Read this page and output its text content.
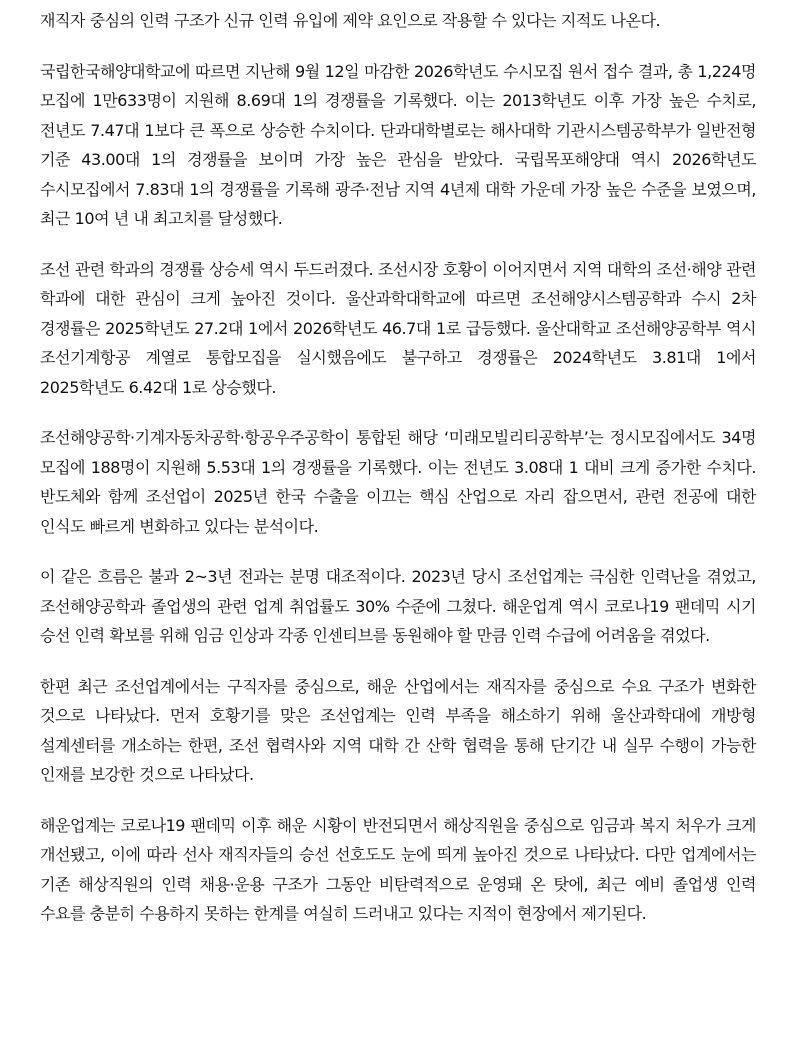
재직자 중심의 인력 구조가 신규 인력 유입에 제약 요인으로 작용할 수 있다는 지적도 나온다.

국립한국해양대학교에 따르면 지난해 9월 12일 마감한 2026학년도 수시모집 원서 접수 결과, 총 1,224명 모집에 1만633명이 지원해 8.69대 1의 경쟁률을 기록했다. 이는 2013학년도 이후 가장 높은 수치로, 전년도 7.47대 1보다 큰 폭으로 상승한 수치이다. 단과대학별로는 해사대학 기관시스템공학부가 일반전형 기준 43.00대 1의 경쟁률을 보이며 가장 높은 관심을 받았다. 국립목포해양대 역시 2026학년도 수시모집에서 7.83대 1의 경쟁률을 기록해 광주·전남 지역 4년제 대학 가운데 가장 높은 수준을 보였으며, 최근 10여 년 내 최고치를 달성했다.

조선 관련 학과의 경쟁률 상승세 역시 두드러졌다. 조선시장 호황이 이어지면서 지역 대학의 조선·해양 관련 학과에 대한 관심이 크게 높아진 것이다. 울산과학대학교에 따르면 조선해양시스템공학과 수시 2차 경쟁률은 2025학년도 27.2대 1에서 2026학년도 46.7대 1로 급등했다. 울산대학교 조선해양공학부 역시 조선기계항공 계열로 통합모집을 실시했음에도 불구하고 경쟁률은 2024학년도 3.81대 1에서 2025학년도 6.42대 1로 상승했다.

조선해양공학·기계자동차공학·항공우주공학이 통합된 해당 ‘미래모빌리티공학부’는 정시모집에서도 34명 모집에 188명이 지원해 5.53대 1의 경쟁률을 기록했다. 이는 전년도 3.08대 1 대비 크게 증가한 수치다. 반도체와 함께 조선업이 2025년 한국 수출을 이끄는 핵심 산업으로 자리 잡으면서, 관련 전공에 대한 인식도 빠르게 변화하고 있다는 분석이다.

이 같은 흐름은 불과 2~3년 전과는 분명 대조적이다. 2023년 당시 조선업계는 극심한 인력난을 겪었고, 조선해양공학과 졸업생의 관련 업계 취업률도 30% 수준에 그쳤다. 해운업계 역시 코로나19 팬데믹 시기 승선 인력 확보를 위해 임금 인상과 각종 인센티브를 동원해야 할 만큼 인력 수급에 어려움을 겪었다.

한편 최근 조선업계에서는 구직자를 중심으로, 해운 산업에서는 재직자를 중심으로 수요 구조가 변화한 것으로 나타났다. 먼저 호황기를 맞은 조선업계는 인력 부족을 해소하기 위해 울산과학대에 개방형 설계센터를 개소하는 한편, 조선 협력사와 지역 대학 간 산학 협력을 통해 단기간 내 실무 수행이 가능한 인재를 보강한 것으로 나타났다.

해운업계는 코로나19 팬데믹 이후 해운 시황이 반전되면서 해상직원을 중심으로 임금과 복지 처우가 크게 개선됐고, 이에 따라 선사 재직자들의 승선 선호도도 눈에 띄게 높아진 것으로 나타났다. 다만 업계에서는 기존 해상직원의 인력 채용·운용 구조가 그동안 비탄력적으로 운영돼 온 탓에, 최근 예비 졸업생 인력 수요를 충분히 수용하지 못하는 한계를 여실히 드러내고 있다는 지적이 현장에서 제기된다.
